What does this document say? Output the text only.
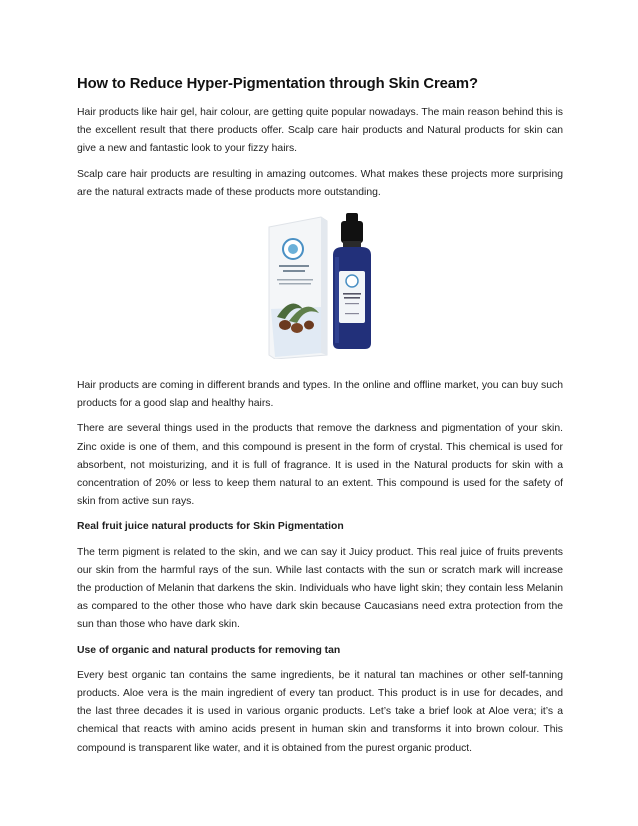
How to Reduce Hyper-Pigmentation through Skin Cream?

Hair products like hair gel, hair colour, are getting quite popular nowadays. The main reason behind this is the excellent result that there products offer. Scalp care hair products and Natural products for skin can give a new and fantastic look to your fizzy hairs.

Scalp care hair products are resulting in amazing outcomes. What makes these projects more surprising are the natural extracts made of these products more outstanding.

Hair products are coming in different brands and types. In the online and offline market, you can buy such products for a good slap and healthy hairs.

There are several things used in the products that remove the darkness and pigmentation of your skin. Zinc oxide is one of them, and this compound is present in the form of crystal. This chemical is used for absorbent, not moisturizing, and it is full of fragrance. It is used in the Natural products for skin with a concentration of 20% or less to keep them natural to an extent. This compound is used for the safety of skin from active sun rays.

Real fruit juice natural products for Skin Pigmentation

The term pigment is related to the skin, and we can say it Juicy product. This real juice of fruits prevents our skin from the harmful rays of the sun. While last contacts with the sun or scratch mark will increase the production of Melanin that darkens the skin. Individuals who have light skin; they contain less Melanin as compared to the other those who have dark skin because Caucasians need extra protection from the sun than those who have dark skin.

Use of organic and natural products for removing tan

Every best organic tan contains the same ingredients, be it natural tan machines or other self-tanning products. Aloe vera is the main ingredient of every tan product. This product is in use for decades, and the last three decades it is used in various organic products. Let’s take a brief look at Aloe vera; it’s a chemical that reacts with amino acids present in human skin and transforms it into brown colour. This compound is transparent like water, and it is obtained from the purest organic product.
